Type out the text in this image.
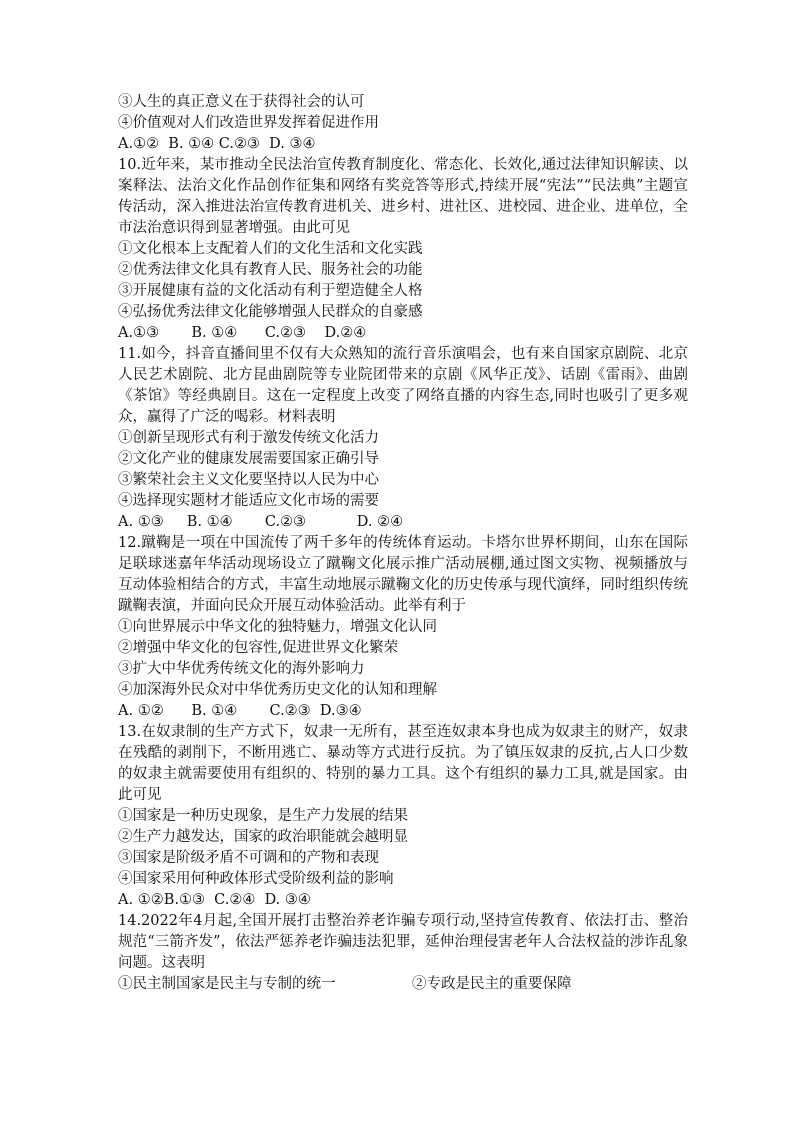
③人生的真正意义在于获得社会的认可
④价值观对人们改造世界发挥着促进作用
A.①②  B. ①④ C.②③  D. ③④
10.近年来，某市推动全民法治宣传教育制度化、常态化、长效化,通过法律知识解读、以案释法、法治文化作品创作征集和网络有奖竞答等形式,持续开展“宪法”“民法典”主题宣传活动，深入推进法治宣传教育进机关、进乡村、进社区、进校园、进企业、进单位，全市法治意识得到显著增强。由此可见
①文化根本上支配着人们的文化生活和文化实践
②优秀法律文化具有教育人民、服务社会的功能
③开展健康有益的文化活动有利于塑造健全人格
④弘扬优秀法律文化能够增强人民群众的自豪感
A.①③       B. ①④      C.②③    D.②④
11.如今，抖音直播间里不仅有大众熟知的流行音乐演唱会，也有来自国家京剧院、北京人民艺术剧院、北方昆曲剧院等专业院团带来的京剧《风华正茂》、话剧《雷雨》、曲剧《茶馆》等经典剧目。这在一定程度上改变了网络直播的内容生态,同时也吸引了更多观众，赢得了广泛的喝彩。材料表明
①创新呈现形式有利于激发传统文化活力
②文化产业的健康发展需要国家正确引导
③繁荣社会主义文化要坚持以人民为中心
④选择现实题材才能适应文化市场的需要
A. ①③     B. ①④       C.②③           D. ②④
12.蹴鞠是一项在中国流传了两千多年的传统体育运动。卡塔尔世界杯期间，山东在国际足联球迷嘉年华活动现场设立了蹴鞠文化展示推广活动展棚,通过图文实物、视频播放与互动体验相结合的方式，丰富生动地展示蹴鞠文化的历史传承与现代演绎，同时组织传统蹴鞠表演，并面向民众开展互动体验活动。此举有利于
①向世界展示中华文化的独特魅力，增强文化认同
②增强中华文化的包容性,促进世界文化繁荣
③扩大中华优秀传统文化的海外影响力
④加深海外民众对中华优秀历史文化的认知和理解
A. ①②      B. ①④       C.②③  D.③④
13.在奴隶制的生产方式下，奴隶一无所有，甚至连奴隶本身也成为奴隶主的财产，奴隶在残酷的剥削下，不断用逃亡、暴动等方式进行反抗。为了镇压奴隶的反抗,占人口少数的奴隶主就需要使用有组织的、特别的暴力工具。这个有组织的暴力工具,就是国家。由此可见
①国家是一种历史现象，是生产力发展的结果
②生产力越发达，国家的政治职能就会越明显
③国家是阶级矛盾不可调和的产物和表现
④国家采用何种政体形式受阶级利益的影响
A. ①②B.①③  C.②④  D. ③④
14.2022年4月起,全国开展打击整治养老诈骗专项行动,坚持宣传教育、依法打击、整治规范“三箭齐发”，依法严惩养老诈骗违法犯罪，延伸治理侵害老年人合法权益的涉诈乱象问题。这表明
①民主制国家是民主与专制的统一	②专政是民主的重要保障
